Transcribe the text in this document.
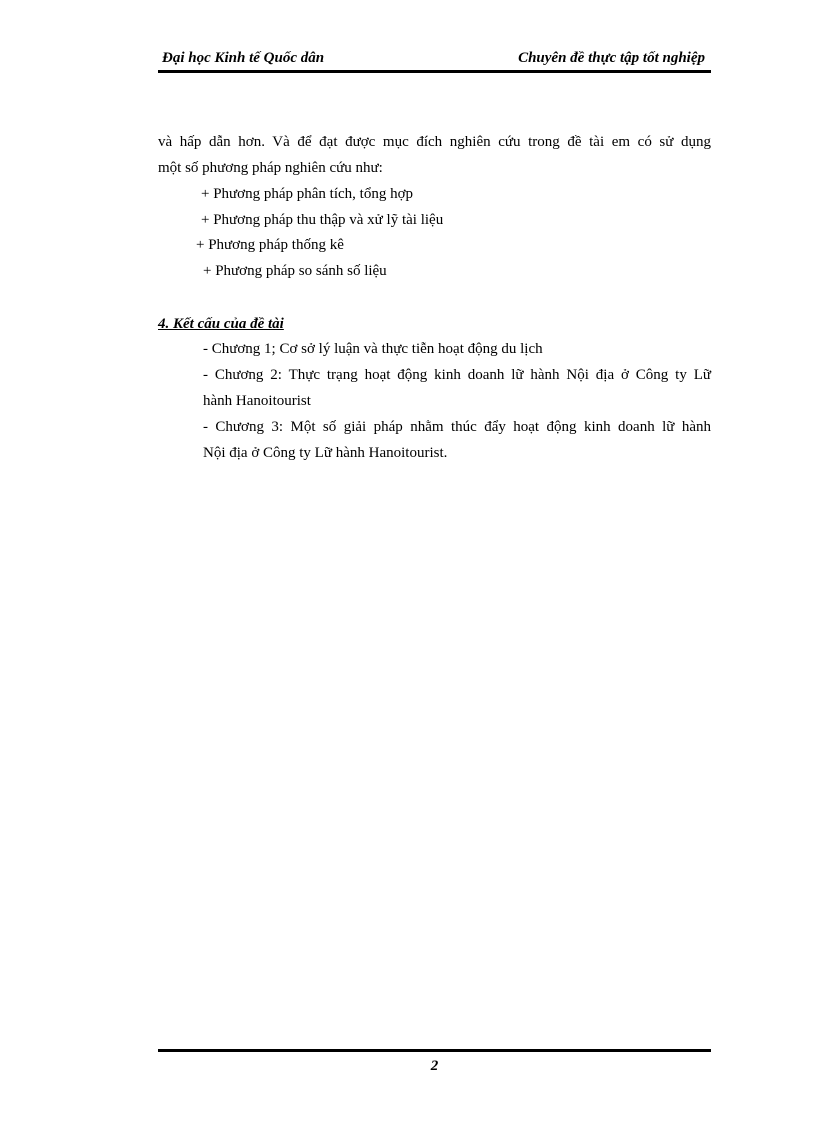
Đại học Kinh tế Quốc dân	Chuyên đề thực tập tốt nghiệp
và hấp dẫn hơn. Và để đạt được mục đích nghiên cứu trong đề tài em có sử dụng
một số phương pháp nghiên cứu như:
+ Phương pháp phân tích, tổng hợp
+ Phương pháp thu thập và xử lỹ tài liệu
+ Phương pháp thống kê
+ Phương pháp so sánh số liệu
4. Kết cấu của đề tài
- Chương 1; Cơ sở lý luận và thực tiễn hoạt động du lịch
- Chương 2: Thực trạng hoạt động kinh doanh lữ hành Nội địa ở Công ty Lữ
hành Hanoitourist
- Chương 3: Một số giải pháp nhằm thúc đẩy hoạt động kinh doanh lữ hành
Nội địa ở Công ty Lữ hành Hanoitourist.
2
